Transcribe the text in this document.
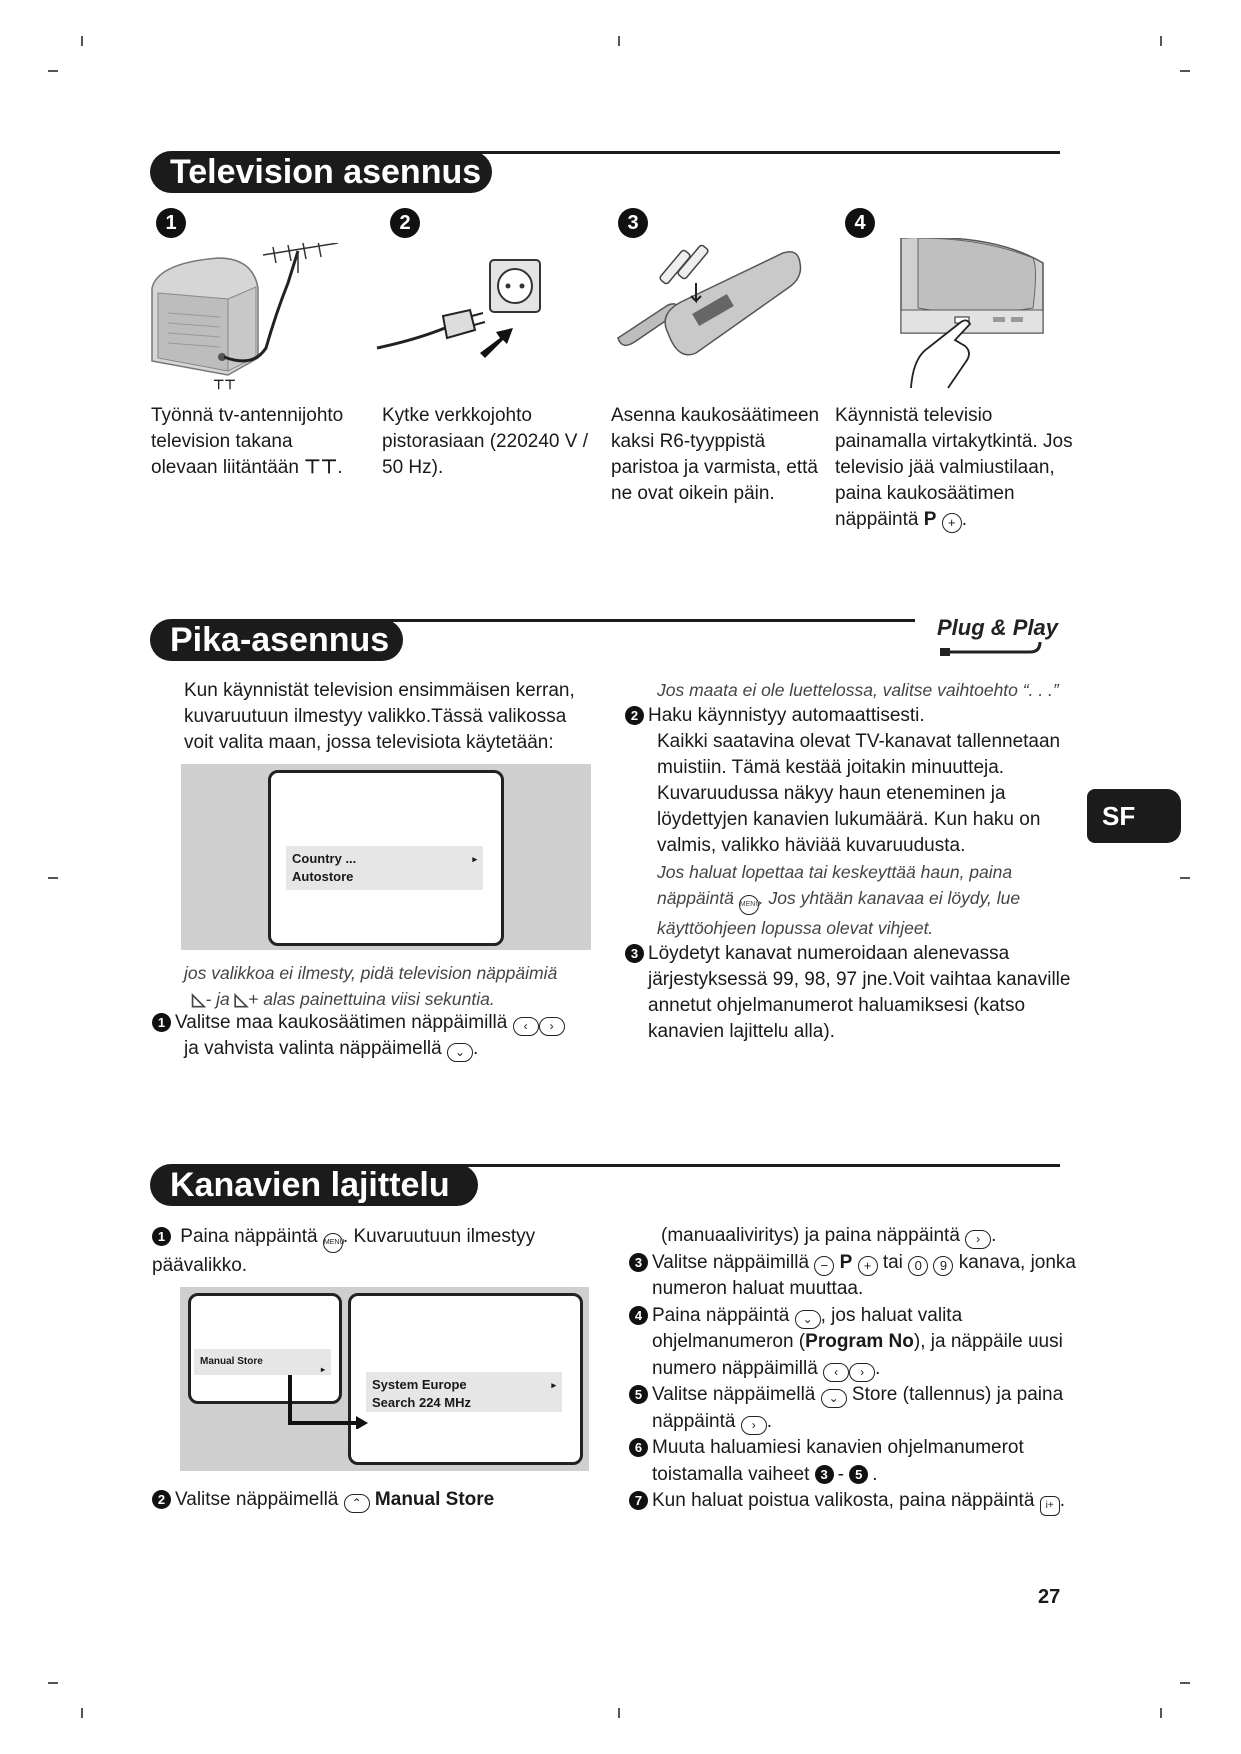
Television asennus
1	2	3	4
⊤⊤
Työnnä tv-antennijohto television takana olevaan liitäntään ⊤⊤.
Kytke verkkojohto pistorasiaan (220240 V / 50 Hz).
Asenna kaukosäätimeen kaksi R6-tyyppistä paristoa ja varmista, että ne ovat oikein päin.
Käynnistä televisio painamalla virtakytkintä. Jos televisio jää valmiustilaan, paina kaukosäätimen näppäintä P + .
Pika-asennus	Plug & Play
Kun käynnistät television ensimmäisen kerran, kuvaruutuun ilmestyy valikko.Tässä valikossa voit valita maan, jossa televisiota käytetään:
Country ...	▸
Autostore
jos valikkoa ei ilmesty, pidä television näppäimiä
◺- ja ◺+ alas painettuina viisi sekuntia.
1 Valitse maa kaukosäätimen näppäimillä ‹ ›
ja vahvista valinta näppäimellä ⌄ .
Jos maata ei ole luettelossa, valitse vaihtoehto “. . .”
2 Haku käynnistyy automaattisesti.
Kaikki saatavina olevat TV-kanavat tallennetaan muistiin. Tämä kestää joitakin minuutteja.
Kuvaruudussa näkyy haun eteneminen ja löydettyjen kanavien lukumäärä. Kun haku on valmis, valikko häviää kuvaruudusta.
Jos haluat lopettaa tai keskeyttää haun, paina näppäintä MENU. Jos yhtään kanavaa ei löydy, lue käyttöohjeen lopussa olevat vihjeet.
3 Löydetyt kanavat numeroidaan alenevassa järjestyksessä 99, 98, 97 jne.Voit vaihtaa kanaville annetut ohjelmanumerot haluamiksesi (katso kanavien lajittelu alla).
SF
Kanavien lajittelu
1 Paina näppäintä MENU. Kuvaruutuun ilmestyy päävalikko.
Manual Store
▸
System Europe	▸
Search 224 MHz
2 Valitse näppäimellä ⌃ Manual Store
(manuaaliviritys) ja paina näppäintä › .
3 Valitse näppäimillä − P + tai 0 9 kanava, jonka numeron haluat muuttaa.
4 Paina näppäintä ⌄ , jos haluat valita ohjelmanumeron (Program No), ja näppäile uusi numero näppäimillä ‹ › .
5 Valitse näppäimellä ⌄ Store (tallennus) ja paina näppäintä › .
6 Muuta haluamiesi kanavien ohjelmanumerot toistamalla vaiheet 3 - 5 .
7 Kun haluat poistua valikosta, paina näppäintä i+ .
27
